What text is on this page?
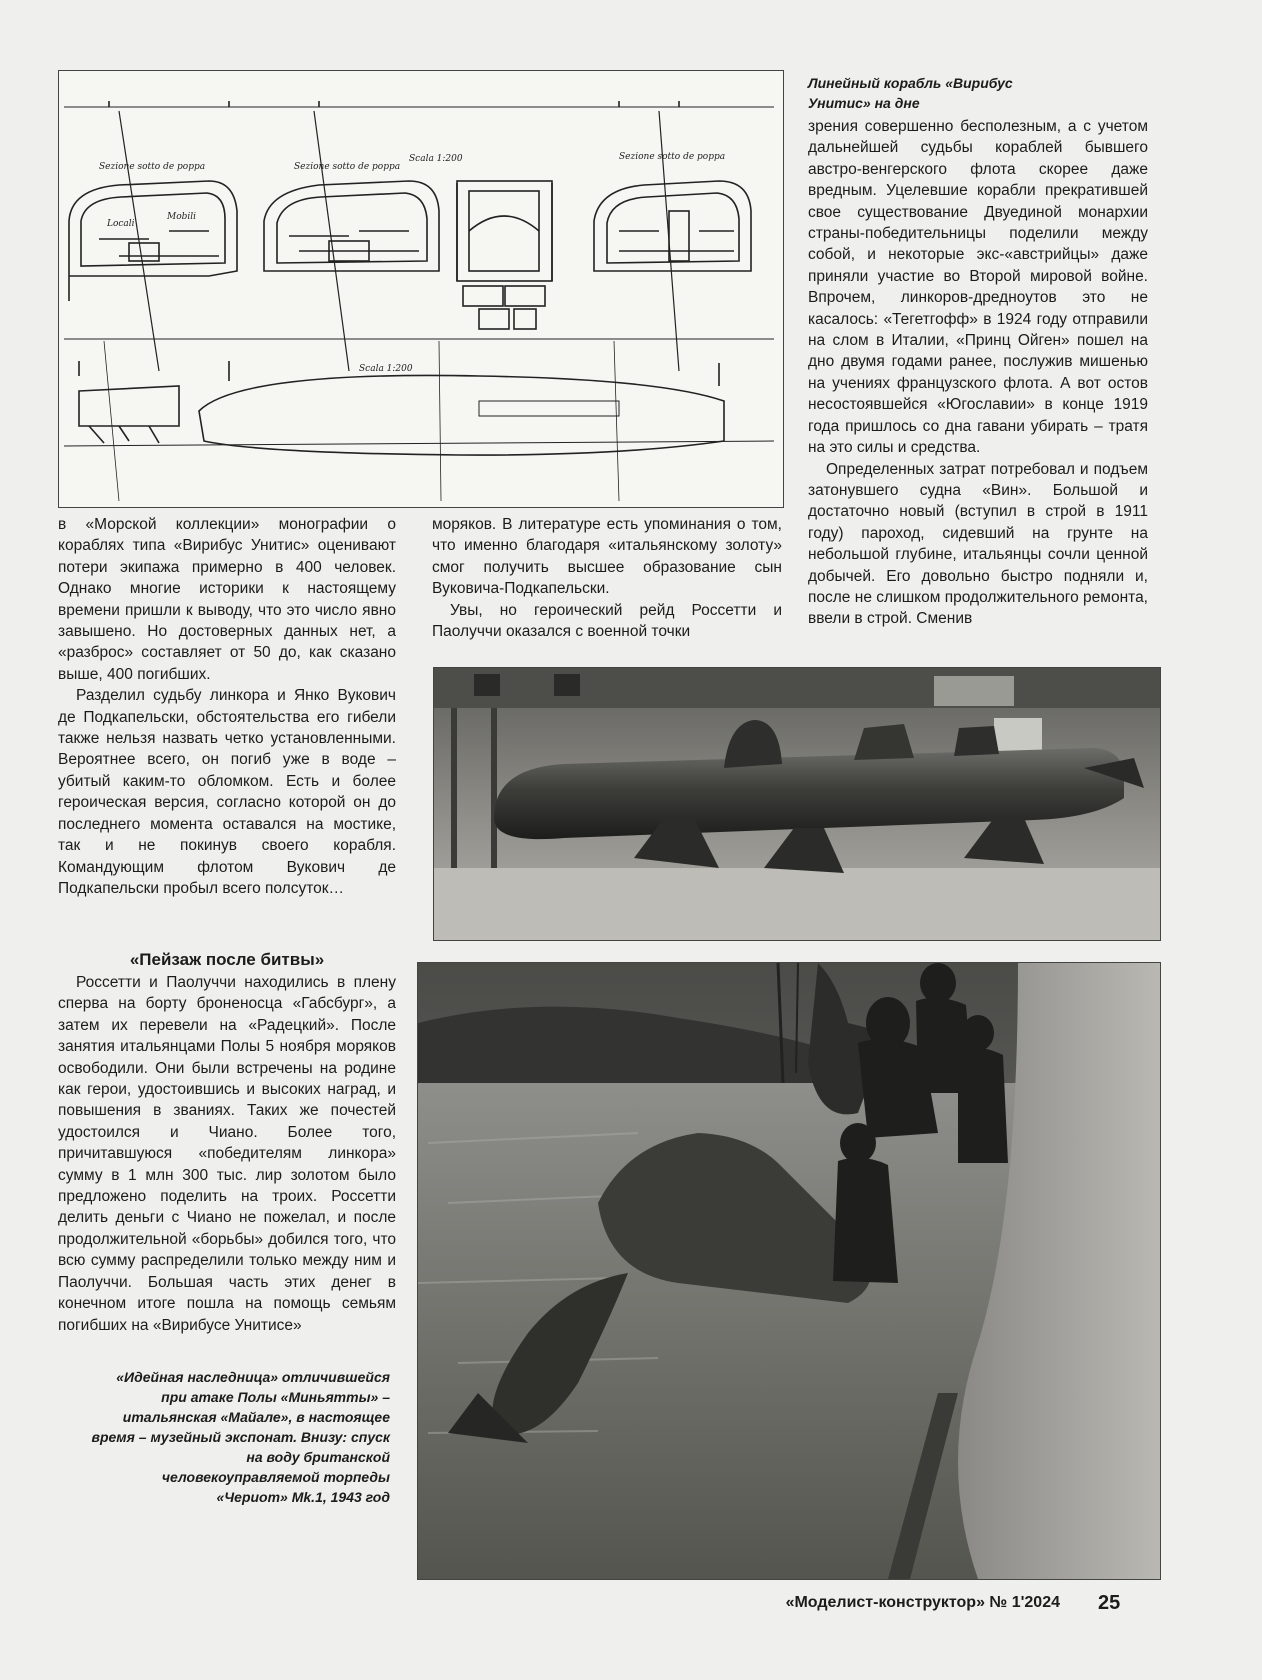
Sezione sotto de poppa	Sezione sotto de poppa
Scala 1:200	Sezione sotto de poppa
Locali
Mobili
Scala 1:200

Линейный корабль «Вирибус Унитис» на дне

зрения совершенно бесполезным, а с учетом дальнейшей судьбы кораблей бывшего австро-венгерского флота скорее даже вредным. Уцелевшие корабли прекратившей свое существование Двуединой монархии страны-победительницы поделили между собой, и некоторые экс-«австрийцы» даже приняли участие во Второй мировой войне. Впрочем, линкоров-дредноутов это не касалось: «Тегетгофф» в 1924 году отправили на слом в Италии, «Принц Ойген» пошел на дно двумя годами ранее, послужив мишенью на учениях французского флота. А вот остов несостоявшейся «Югославии» в конце 1919 года пришлось со дна гавани убирать – тратя на это силы и средства.

Определенных затрат потребовал и подъем затонувшего судна «Вин». Большой и достаточно новый (вступил в строй в 1911 году) пароход, сидевший на грунте на небольшой глубине, итальянцы сочли ценной добычей. Его довольно быстро подняли и, после не слишком продолжительного ремонта, ввели в строй. Сменив

в «Морской коллекции» монографии о кораблях типа «Вирибус Унитис» оценивают потери экипажа примерно в 400 человек. Однако многие историки к настоящему времени пришли к выводу, что это число явно завышено. Но достоверных данных нет, а «разброс» составляет от 50 до, как сказано выше, 400 погибших.

Разделил судьбу линкора и Янко Вукович де Подкапельски, обстоятельства его гибели также нельзя назвать четко установленными. Вероятнее всего, он погиб уже в воде – убитый каким-то обломком. Есть и более героическая версия, согласно которой он до последнего момента оставался на мостике, так и не покинув своего корабля. Командующим флотом Вукович де Подкапельски пробыл всего полсуток…

«Пейзаж после битвы»

Россетти и Паолуччи находились в плену сперва на борту броненосца «Габсбург», а затем их перевели на «Радецкий». После занятия итальянцами Полы 5 ноября моряков освободили. Они были встречены на родине как герои, удостоившись и высоких наград, и повышения в званиях. Таких же почестей удостоился и Чиано. Более того, причитавшуюся «победителям линкора» сумму в 1 млн 300 тыс. лир золотом было предложено поделить на троих. Россетти делить деньги с Чиано не пожелал, и после продолжительной «борьбы» добился того, что всю сумму распределили только между ним и Паолуччи. Большая часть этих денег в конечном итоге пошла на помощь семьям погибших на «Вирибусе Унитисе»

моряков. В литературе есть упоминания о том, что именно благодаря «итальянскому золоту» смог получить высшее образование сын Вуковича-Подкапельски.

Увы, но героический рейд Россетти и Паолуччи оказался с военной точки

«Идейная наследница» отличившейся при атаке Полы «Миньятты» – итальянская «Майале», в настоящее время – музейный экспонат. Внизу: спуск на воду британской человекоуправляемой торпеды «Чериот» Mk.1, 1943 год

«Моделист-конструктор» № 1'2024 25
